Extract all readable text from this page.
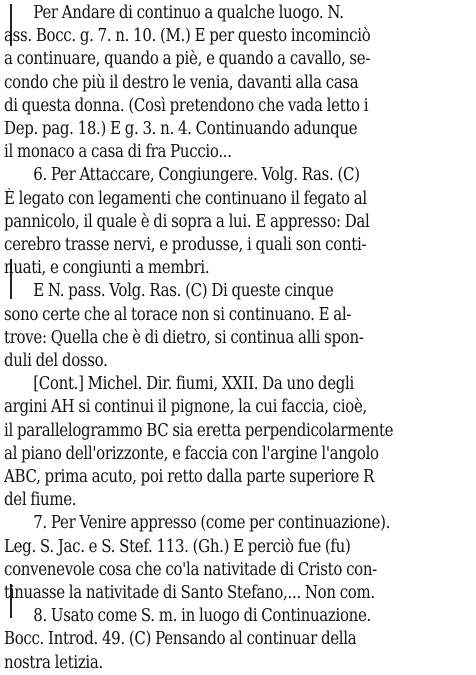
Per Andare di continuo a qualche luogo. N.
ass. Bocc. g. 7. n. 10. (M.) E per questo incominciò
a continuare, quando a piè, e quando a cavallo, se-
condo che più il destro le venia, davanti alla casa
di questa donna. (Così pretendono che vada letto i
Dep. pag. 18.) E g. 3. n. 4. Continuando adunque
il monaco a casa di fra Puccio...
6. Per Attaccare, Congiungere. Volg. Ras. (C)
È legato con legamenti che continuano il fegato al
pannicolo, il quale è di sopra a lui. E appresso: Dal
cerebro trasse nervi, e produsse, i quali son conti-
nuati, e congiunti a membri.
E N. pass. Volg. Ras. (C) Di queste cinque
sono certe che al torace non si continuano. E al-
trove: Quella che è di dietro, si continua alli spon-
duli del dosso.
[Cont.] Michel. Dir. fiumi, XXII. Da uno degli
argini AH si continui il pignone, la cui faccia, cioè,
il parallelogrammo BC sia eretta perpendicolarmente
al piano dell'orizzonte, e faccia con l'argine l'angolo
ABC, prima acuto, poi retto dalla parte superiore R
del fiume.
7. Per Venire appresso (come per continuazione).
Leg. S. Jac. e S. Stef. 113. (Gh.) E perciò fue (fu)
convenevole cosa che co'la nativitade di Cristo con-
tinuasse la nativitade di Santo Stefano,... Non com.
8. Usato come S. m. in luogo di Continuazione.
Bocc. Introd. 49. (C) Pensando al continuar della
nostra letizia.
